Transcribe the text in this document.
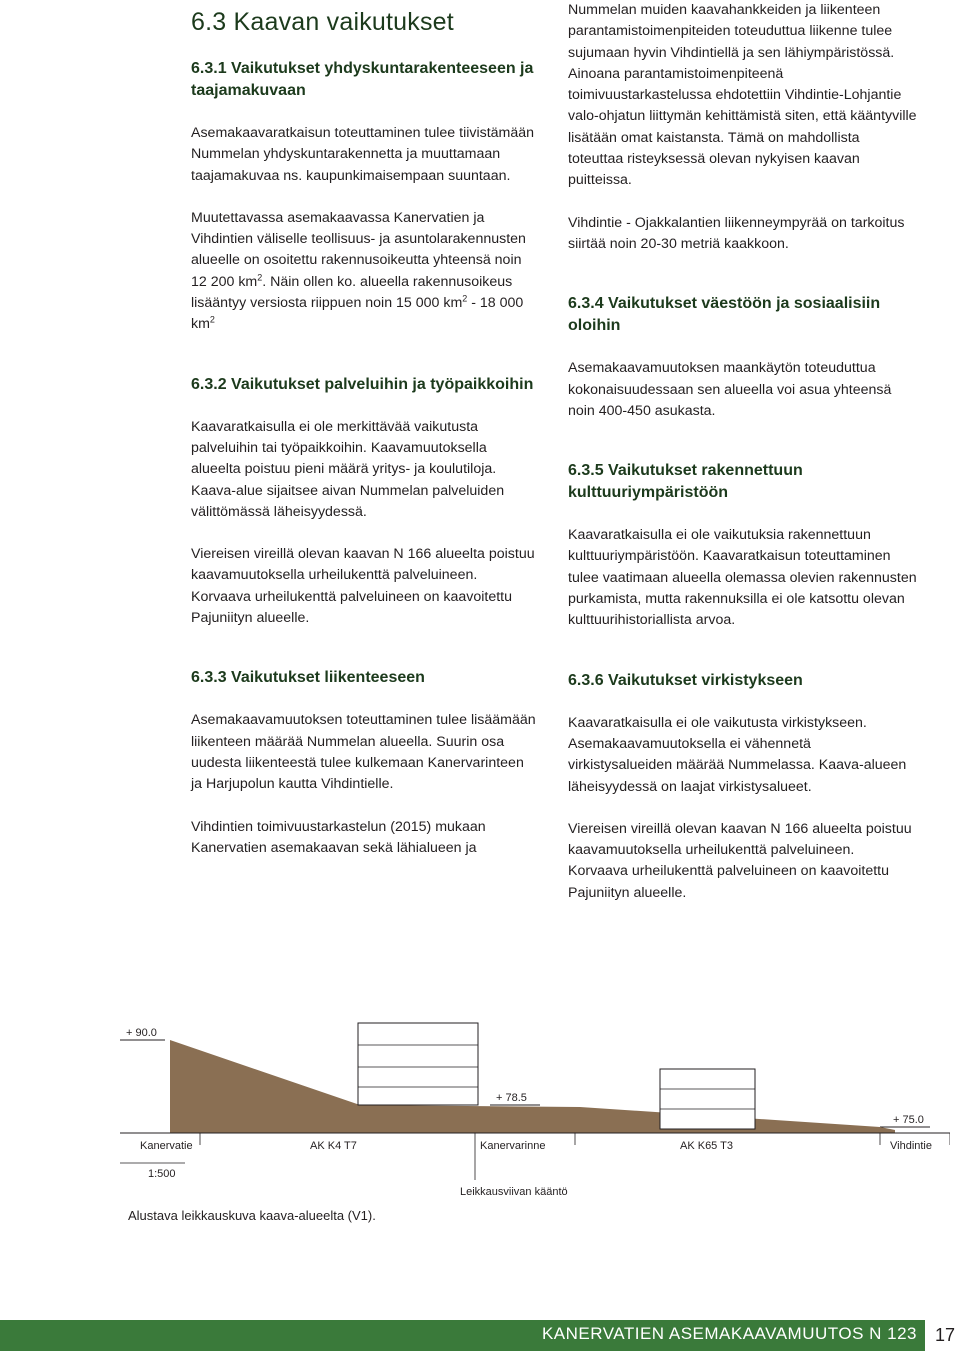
6.3 Kaavan vaikutukset
6.3.1 Vaikutukset yhdyskuntarakenteeseen ja taajamakuvaan

Asemakaavaratkaisun toteuttaminen tulee tiivistämään Nummelan yhdyskuntarakennetta ja muuttamaan taajamakuvaa ns. kaupunkimaisempaan suuntaan.

Muutettavassa asemakaavassa Kanervatien ja Vihdintien väliselle teollisuus- ja asuntolarakennusten alueelle on osoitettu rakennusoikeutta yhteensä noin 12 200 $km^2$. Näin ollen ko. alueella rakennusoikeus lisääntyy versiosta riippuen noin 15 000 $km^2 - 18$ 000 $km^2$

6.3.2 Vaikutukset palveluihin ja työpaikkoihin

Kaavaratkaisulla ei ole merkittävää vaikutusta palveluihin tai työpaikkoihin. Kaavamuutoksella alueelta poistuu pieni määrä yritys- ja koulutiloja. Kaava-alue sijaitsee aivan Nummelan palveluiden välittömässä läheisyydessä.

Viereisen vireillä olevan kaavan N 166 alueelta poistuu kaavamuutoksella urheilukenttä palveluineen. Korvaava urheilukenttä palveluineen on kaavoitettu Pajuniityn alueelle.

6.3.3 Vaikutukset liikenteeseen

Asemakaavamuutoksen toteuttaminen tulee lisäämään liikenteen määrää Nummelan alueella. Suurin osa uudesta liikenteestä tulee kulkemaan Kanervarinteen ja Harjupolun kautta Vihdintielle.

Vihdintien toimivuustarkastelun (2015) mukaan Kanervatien asemakaavan sekä lähialueen ja

Nummelan muiden kaavahankkeiden ja liikenteen parantamistoimenpiteiden toteuduttua liikenne tulee sujumaan hyvin Vihdintiellä ja sen lähiympäristössä. Ainoana parantamistoimenpiteenä toimivuustarkastelussa ehdotettiin Vihdintie-Lohjantie valo-ohjatun liittymän kehittämistä siten, että kääntyville lisätään omat kaistansta. Tämä on mahdollista toteuttaa risteyksessä olevan nykyisen kaavan puitteissa.

Vihdintie - Ojakkalantien liikenneympyrää on tarkoitus siirtää noin 20-30 metriä kaakkoon.

6.3.4 Vaikutukset väestöön ja sosiaalisiin oloihin

Asemakaavamuutoksen maankäytön toteuduttua kokonaisuudessaan sen alueella voi asua yhteensä noin 400-450 asukasta.

6.3.5 Vaikutukset rakennettuun kulttuuriympäristöön

Kaavaratkaisulla ei ole vaikutuksia rakennettuun kulttuuriympäristöön. Kaavaratkaisun toteuttaminen tulee vaatimaan alueella olemassa olevien rakennusten purkamista, mutta rakennuksilla ei ole katsottu olevan kulttuurihistoriallista arvoa.

6.3.6 Vaikutukset virkistykseen

Kaavaratkaisulla ei ole vaikutusta virkistykseen. Asemakaavamuutoksella ei vähennetä virkistysalueiden määrää Nummelassa. Kaava-alueen läheisyydessä on laajat virkistysalueet.

Viereisen vireillä olevan kaavan N 166 alueelta poistuu kaavamuutoksella urheilukenttä palveluineen. Korvaava urheilukenttä palveluineen on kaavoitettu Pajuniityn alueelle.

+ 90.0
+ 78.5
+ 75.0
Kanervatie	AK K4 T7	Kanervarinne	AK K65 T3	Vihdintie
1:500
Leikkausviivan kääntö
Alustava leikkauskuva kaava-alueelta (V1).
KANERVATIEN ASEMAKAAVAMUUTOS N 123 17
